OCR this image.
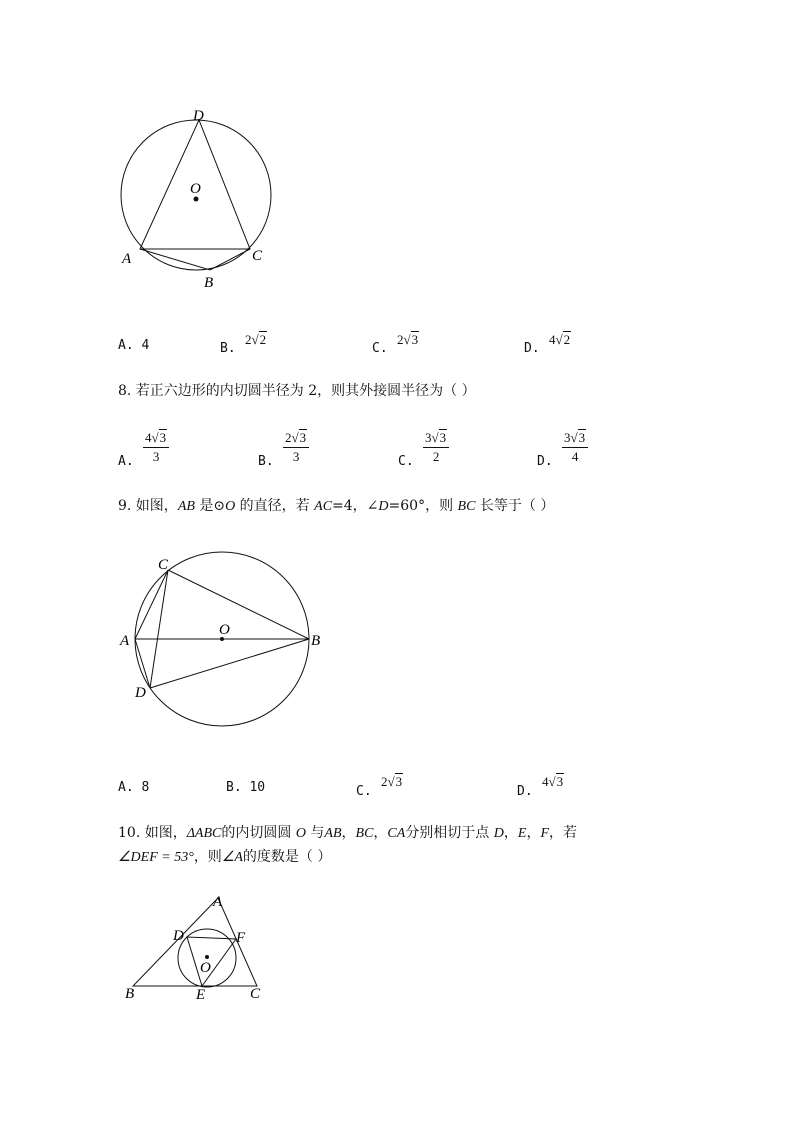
D
O
A	C
B
A. 4	B.
2√2
C.
2√3
D.
4√2
8. 若正六边形的内切圆半径为 2，则其外接圆半径为（ ）
A. $\frac{4√3}{3}$	B. $\frac{2√3}{3}$	C. $\frac{3√3}{2}$	D. $\frac{3√3}{4}$
9. 如图，AB 是⊙O 的直径，若 AC=4，∠D=60°，则 BC 长等于（ ）
C
A
O
B
D
A. 8	B. 10	C.
2√3
D.
4√3
10. 如图，ΔABC的内切圆圆 O 与AB，BC，CA分别相切于点 D，E，F，若
∠DEF = 53°，则∠A的度数是（ ）
A
D	F
O
B	E	C
